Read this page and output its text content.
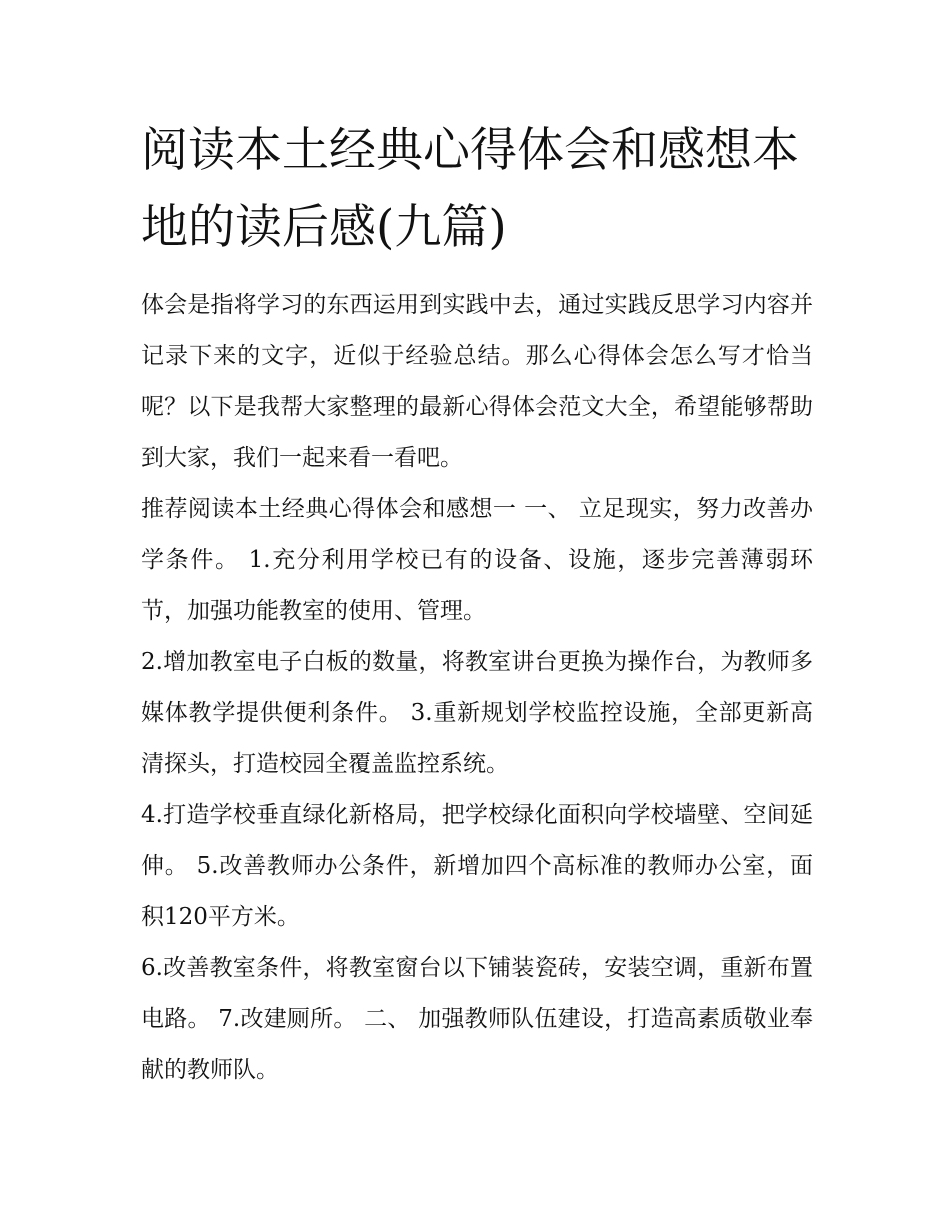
阅读本土经典心得体会和感想本地的读后感(九篇)

体会是指将学习的东西运用到实践中去，通过实践反思学习内容并记录下来的文字，近似于经验总结。那么心得体会怎么写才恰当呢？以下是我帮大家整理的最新心得体会范文大全，希望能够帮助到大家，我们一起来看一看吧。

推荐阅读本土经典心得体会和感想一 一、 立足现实，努力改善办学条件。 1.充分利用学校已有的设备、设施，逐步完善薄弱环节，加强功能教室的使用、管理。

2.增加教室电子白板的数量，将教室讲台更换为操作台，为教师多媒体教学提供便利条件。 3.重新规划学校监控设施，全部更新高清探头，打造校园全覆盖监控系统。

4.打造学校垂直绿化新格局，把学校绿化面积向学校墙壁、空间延伸。 5.改善教师办公条件，新增加四个高标准的教师办公室，面积120平方米。

6.改善教室条件，将教室窗台以下铺装瓷砖，安装空调，重新布置电路。 7.改建厕所。 二、 加强教师队伍建设，打造高素质敬业奉献的教师队。
